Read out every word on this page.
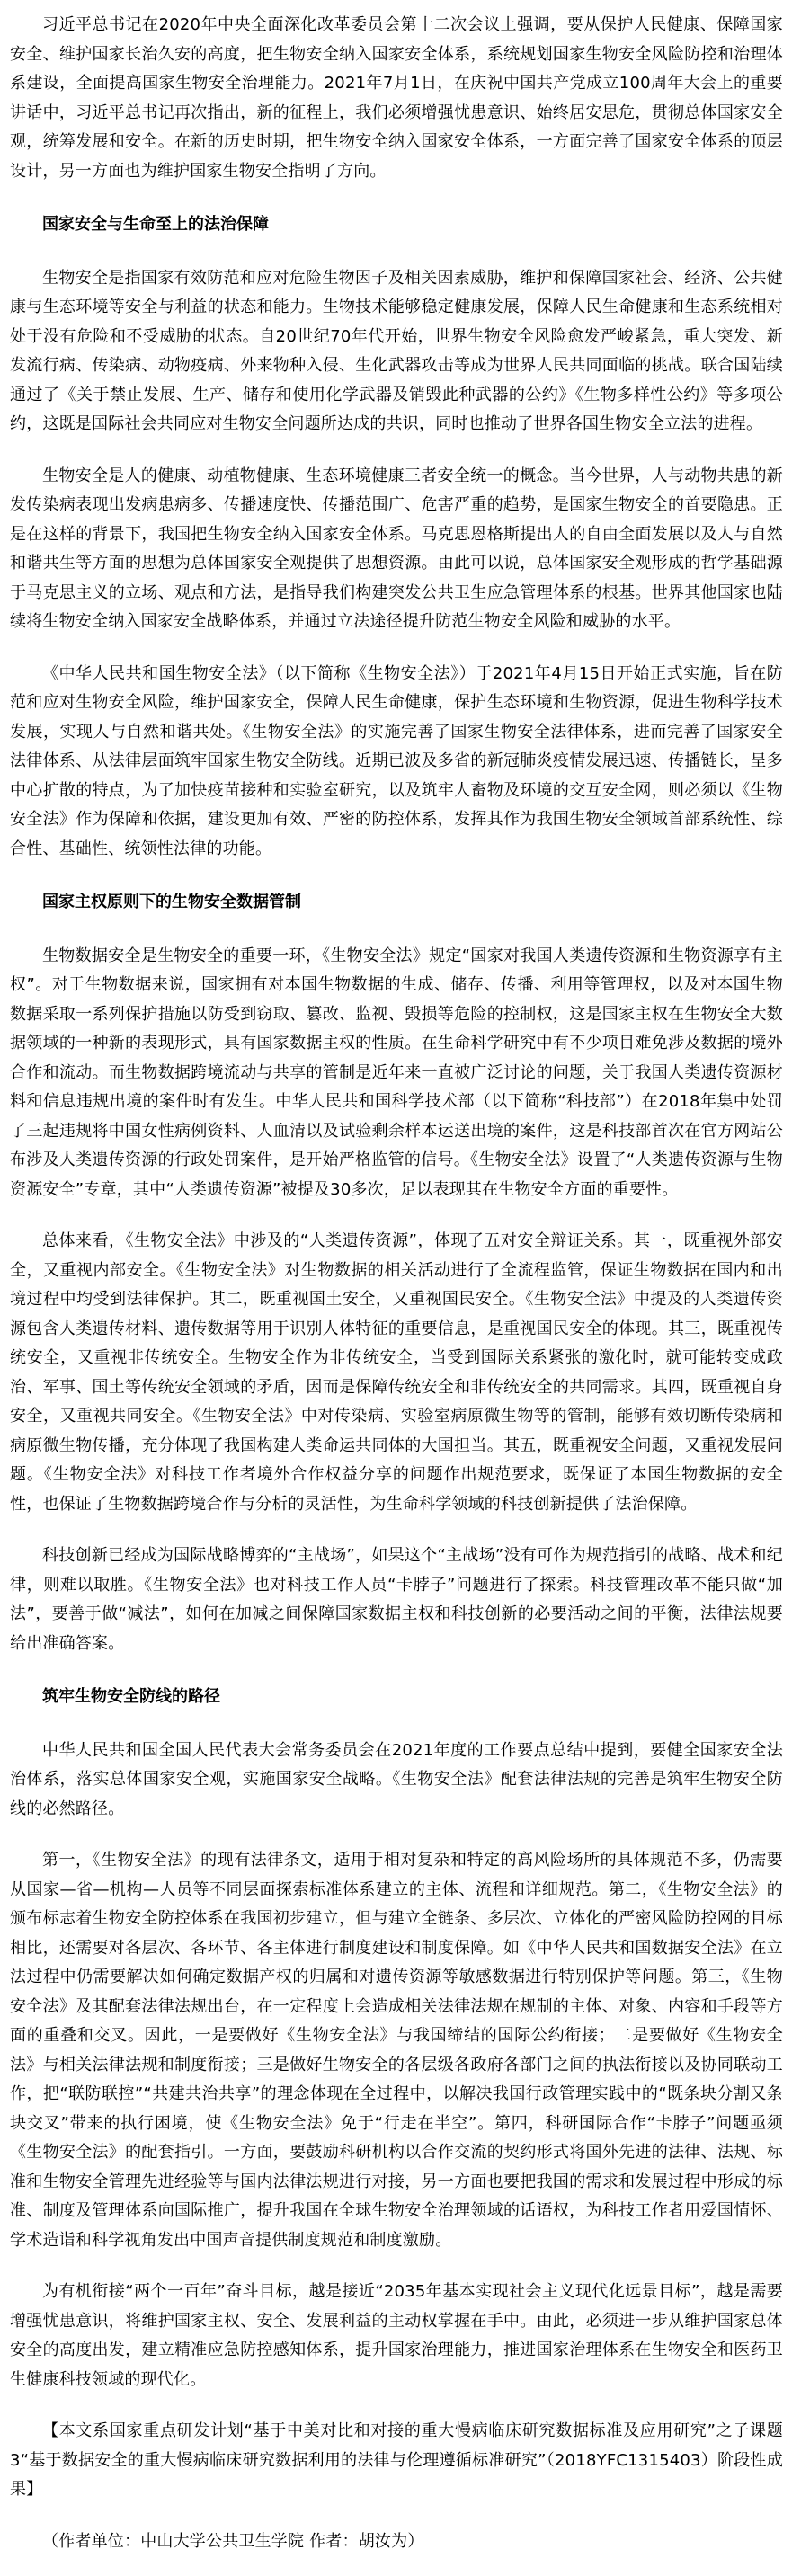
习近平总书记在2020年中央全面深化改革委员会第十二次会议上强调，要从保护人民健康、保障国家安全、维护国家长治久安的高度，把生物安全纳入国家安全体系，系统规划国家生物安全风险防控和治理体系建设，全面提高国家生物安全治理能力。2021年7月1日，在庆祝中国共产党成立100周年大会上的重要讲话中，习近平总书记再次指出，新的征程上，我们必须增强忧患意识、始终居安思危，贯彻总体国家安全观，统筹发展和安全。在新的历史时期，把生物安全纳入国家安全体系，一方面完善了国家安全体系的顶层设计，另一方面也为维护国家生物安全指明了方向。

国家安全与生命至上的法治保障

生物安全是指国家有效防范和应对危险生物因子及相关因素威胁，维护和保障国家社会、经济、公共健康与生态环境等安全与利益的状态和能力。生物技术能够稳定健康发展，保障人民生命健康和生态系统相对处于没有危险和不受威胁的状态。自20世纪70年代开始，世界生物安全风险愈发严峻紧急，重大突发、新发流行病、传染病、动物疫病、外来物种入侵、生化武器攻击等成为世界人民共同面临的挑战。联合国陆续通过了《关于禁止发展、生产、储存和使用化学武器及销毁此种武器的公约》《生物多样性公约》等多项公约，这既是国际社会共同应对生物安全问题所达成的共识，同时也推动了世界各国生物安全立法的进程。

生物安全是人的健康、动植物健康、生态环境健康三者安全统一的概念。当今世界，人与动物共患的新发传染病表现出发病患病多、传播速度快、传播范围广、危害严重的趋势，是国家生物安全的首要隐患。正是在这样的背景下，我国把生物安全纳入国家安全体系。马克思恩格斯提出人的自由全面发展以及人与自然和谐共生等方面的思想为总体国家安全观提供了思想资源。由此可以说，总体国家安全观形成的哲学基础源于马克思主义的立场、观点和方法，是指导我们构建突发公共卫生应急管理体系的根基。世界其他国家也陆续将生物安全纳入国家安全战略体系，并通过立法途径提升防范生物安全风险和威胁的水平。

《中华人民共和国生物安全法》（以下简称《生物安全法》）于2021年4月15日开始正式实施，旨在防范和应对生物安全风险，维护国家安全，保障人民生命健康，保护生态环境和生物资源，促进生物科学技术发展，实现人与自然和谐共处。《生物安全法》的实施完善了国家生物安全法律体系，进而完善了国家安全法律体系、从法律层面筑牢国家生物安全防线。近期已波及多省的新冠肺炎疫情发展迅速、传播链长，呈多中心扩散的特点，为了加快疫苗接种和实验室研究，以及筑牢人畜物及环境的交互安全网，则必须以《生物安全法》作为保障和依据，建设更加有效、严密的防控体系，发挥其作为我国生物安全领域首部系统性、综合性、基础性、统领性法律的功能。

国家主权原则下的生物安全数据管制

生物数据安全是生物安全的重要一环，《生物安全法》规定“国家对我国人类遗传资源和生物资源享有主权”。对于生物数据来说，国家拥有对本国生物数据的生成、储存、传播、利用等管理权，以及对本国生物数据采取一系列保护措施以防受到窃取、篡改、监视、毁损等危险的控制权，这是国家主权在生物安全大数据领域的一种新的表现形式，具有国家数据主权的性质。在生命科学研究中有不少项目难免涉及数据的境外合作和流动。而生物数据跨境流动与共享的管制是近年来一直被广泛讨论的问题，关于我国人类遗传资源材料和信息违规出境的案件时有发生。中华人民共和国科学技术部（以下简称“科技部”）在2018年集中处罚了三起违规将中国女性病例资料、人血清以及试验剩余样本运送出境的案件，这是科技部首次在官方网站公布涉及人类遗传资源的行政处罚案件，是开始严格监管的信号。《生物安全法》设置了“人类遗传资源与生物资源安全”专章，其中“人类遗传资源”被提及30多次，足以表现其在生物安全方面的重要性。

总体来看，《生物安全法》中涉及的“人类遗传资源”，体现了五对安全辩证关系。其一，既重视外部安全，又重视内部安全。《生物安全法》对生物数据的相关活动进行了全流程监管，保证生物数据在国内和出境过程中均受到法律保护。其二，既重视国土安全，又重视国民安全。《生物安全法》中提及的人类遗传资源包含人类遗传材料、遗传数据等用于识别人体特征的重要信息，是重视国民安全的体现。其三，既重视传统安全，又重视非传统安全。生物安全作为非传统安全，当受到国际关系紧张的激化时，就可能转变成政治、军事、国土等传统安全领域的矛盾，因而是保障传统安全和非传统安全的共同需求。其四，既重视自身安全，又重视共同安全。《生物安全法》中对传染病、实验室病原微生物等的管制，能够有效切断传染病和病原微生物传播，充分体现了我国构建人类命运共同体的大国担当。其五，既重视安全问题，又重视发展问题。《生物安全法》对科技工作者境外合作权益分享的问题作出规范要求，既保证了本国生物数据的安全性，也保证了生物数据跨境合作与分析的灵活性，为生命科学领域的科技创新提供了法治保障。

科技创新已经成为国际战略博弈的“主战场”，如果这个“主战场”没有可作为规范指引的战略、战术和纪律，则难以取胜。《生物安全法》也对科技工作人员“卡脖子”问题进行了探索。科技管理改革不能只做“加法”，要善于做“减法”，如何在加减之间保障国家数据主权和科技创新的必要活动之间的平衡，法律法规要给出准确答案。

筑牢生物安全防线的路径

中华人民共和国全国人民代表大会常务委员会在2021年度的工作要点总结中提到，要健全国家安全法治体系，落实总体国家安全观，实施国家安全战略。《生物安全法》配套法律法规的完善是筑牢生物安全防线的必然路径。

第一，《生物安全法》的现有法律条文，适用于相对复杂和特定的高风险场所的具体规范不多，仍需要从国家—省—机构—人员等不同层面探索标准体系建立的主体、流程和详细规范。第二，《生物安全法》的颁布标志着生物安全防控体系在我国初步建立，但与建立全链条、多层次、立体化的严密风险防控网的目标相比，还需要对各层次、各环节、各主体进行制度建设和制度保障。如《中华人民共和国数据安全法》在立法过程中仍需要解决如何确定数据产权的归属和对遗传资源等敏感数据进行特别保护等问题。第三，《生物安全法》及其配套法律法规出台，在一定程度上会造成相关法律法规在规制的主体、对象、内容和手段等方面的重叠和交叉。因此，一是要做好《生物安全法》与我国缔结的国际公约衔接；二是要做好《生物安全法》与相关法律法规和制度衔接；三是做好生物安全的各层级各政府各部门之间的执法衔接以及协同联动工作，把“联防联控”“共建共治共享”的理念体现在全过程中，以解决我国行政管理实践中的“既条块分割又条块交叉”带来的执行困境，使《生物安全法》免于“行走在半空”。第四，科研国际合作“卡脖子”问题亟须《生物安全法》的配套指引。一方面，要鼓励科研机构以合作交流的契约形式将国外先进的法律、法规、标准和生物安全管理先进经验等与国内法律法规进行对接，另一方面也要把我国的需求和发展过程中形成的标准、制度及管理体系向国际推广，提升我国在全球生物安全治理领域的话语权，为科技工作者用爱国情怀、学术造诣和科学视角发出中国声音提供制度规范和制度激励。

为有机衔接“两个一百年”奋斗目标，越是接近“2035年基本实现社会主义现代化远景目标”，越是需要增强忧患意识，将维护国家主权、安全、发展利益的主动权掌握在手中。由此，必须进一步从维护国家总体安全的高度出发，建立精准应急防控感知体系，提升国家治理能力，推进国家治理体系在生物安全和医药卫生健康科技领域的现代化。

【本文系国家重点研发计划“基于中美对比和对接的重大慢病临床研究数据标准及应用研究”之子课题3“基于数据安全的重大慢病临床研究数据利用的法律与伦理遵循标准研究”（2018YFC1315403）阶段性成果】

（作者单位：中山大学公共卫生学院 作者：胡汝为）
